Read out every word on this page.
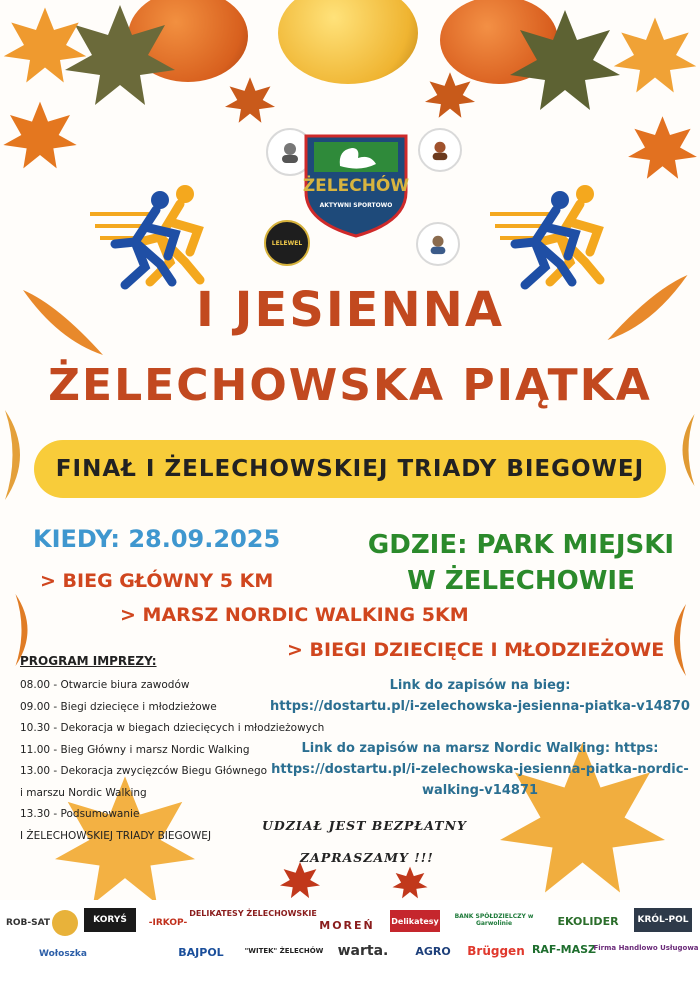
LELEWEL
ŻELECHÓW
AKTYWNI SPORTOWO
I JESIENNA
ŻELECHOWSKA PIĄTKA
FINAŁ I ŻELECHOWSKIEJ TRIADY BIEGOWEJ
KIEDY: 28.09.2025	GDZIE: PARK MIEJSKI
W ŻELECHOWIE
> BIEG GŁÓWNY 5 KM
> MARSZ NORDIC WALKING 5KM
> BIEGI DZIECIĘCE I MŁODZIEŻOWE
PROGRAM IMPREZY:
08.00 - Otwarcie biura zawodów
09.00 - Biegi dziecięce i młodzieżowe
10.30 - Dekoracja w biegach dziecięcych i młodzieżowych
11.00 - Bieg Główny i marsz Nordic Walking
13.00 - Dekoracja zwycięzców Biegu Głównego
i marszu Nordic Walking
13.30 - Podsumowanie
I ŻELECHOWSKIEJ TRIADY BIEGOWEJ
Link do zapisów na bieg:
https://dostartu.pl/i-zelechowska-jesienna-piatka-v14870
Link do zapisów na marsz Nordic Walking: https:
https://dostartu.pl/i-zelechowska-jesienna-piatka-nordic-
walking-v14871
UDZIAŁ JEST BEZPŁATNY
ZAPRASZAMY !!!
ROB-SAT	KORYŚ	-IRKOP-
DELIKATESY ŻELECHOWSKIE
MOREŃ	Delikatesy	BANK SPÓŁDZIELCZY w Garwolinie	EKOLIDER	KRÓL-POL
Wołoszka	BAJPOL	"WITEK" ŻELECHÓW	warta.	AGRO	Brüggen RAF-MASZ
Firma Handlowo Usługowa
